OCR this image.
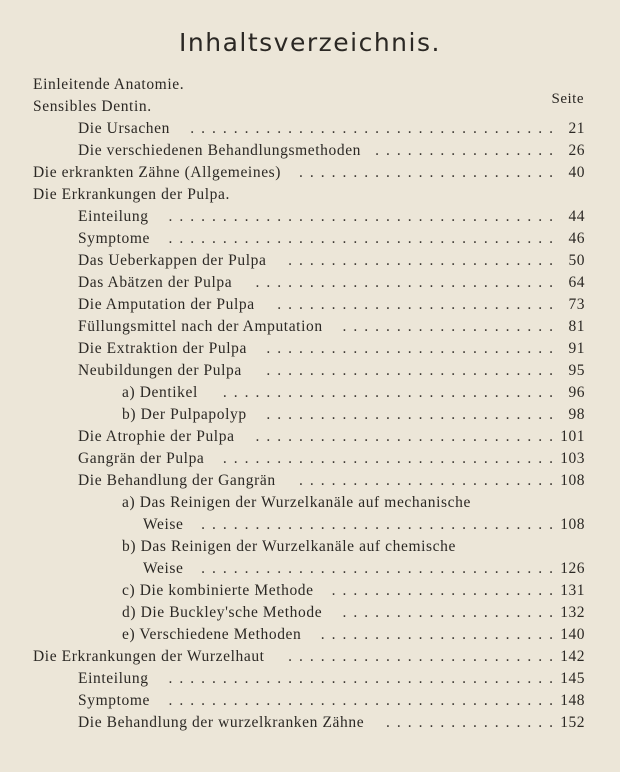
Inhaltsverzeichnis.
Seite
Einleitende Anatomie.
Sensibles Dentin.
Die Ursachen	21
..................................
Die verschiedenen Behandlungsmethoden	26
.................
Die erkrankten Zähne (Allgemeines)	40
........................
Die Erkrankungen der Pulpa.
Einteilung	44
....................................
Symptome	46
....................................
Das Ueberkappen der Pulpa	50
.........................
Das Abätzen der Pulpa	64
............................
Die Amputation der Pulpa	73
..........................
Füllungsmittel nach der Amputation	81
....................
Die Extraktion der Pulpa	91
...........................
Neubildungen der Pulpa	95
...........................
a) Dentikel	96
...............................
b) Der Pulpapolyp	98
...........................
Die Atrophie der Pulpa	101
............................
Gangrän der Pulpa	103
...............................
Die Behandlung der Gangrän	108
........................
a) Das Reinigen der Wurzelkanäle auf mechanische
Weise	108
.................................
b) Das Reinigen der Wurzelkanäle auf chemische
Weise	126
.................................
c) Die kombinierte Methode	131
.....................
d) Die Buckley'sche Methode	132
....................
e) Verschiedene Methoden	140
......................
Die Erkrankungen der Wurzelhaut	142
.........................
Einteilung	145
....................................
Symptome	148
....................................
Die Behandlung der wurzelkranken Zähne	152
................
